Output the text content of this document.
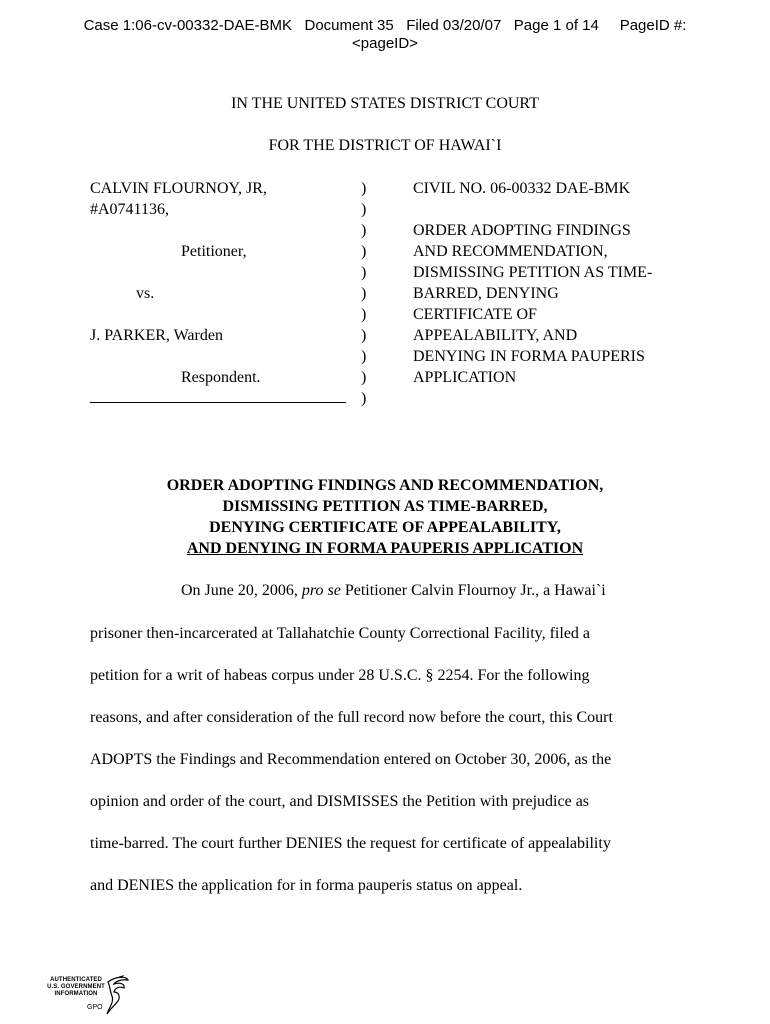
Case 1:06-cv-00332-DAE-BMK   Document 35   Filed 03/20/07   Page 1 of 14     PageID #:
<pageID>
IN THE UNITED STATES DISTRICT COURT
FOR THE DISTRICT OF HAWAI`I
CALVIN FLOURNOY, JR,
#A0741136,
Petitioner,
vs.
J. PARKER, Warden
Respondent.
)
)
)
)
)
)
)
)
)
)
)
CIVIL NO. 06-00332 DAE-BMK
ORDER ADOPTING FINDINGS
AND RECOMMENDATION,
DISMISSING PETITION AS TIME-
BARRED, DENYING
CERTIFICATE OF
APPEALABILITY, AND
DENYING IN FORMA PAUPERIS
APPLICATION
ORDER ADOPTING FINDINGS AND RECOMMENDATION,
DISMISSING PETITION AS TIME-BARRED,
DENYING CERTIFICATE OF APPEALABILITY,
AND DENYING IN FORMA PAUPERIS APPLICATION
On June 20, 2006, pro se Petitioner Calvin Flournoy Jr., a Hawai`i
prisoner then-incarcerated at Tallahatchie County Correctional Facility, filed a
petition for a writ of habeas corpus under 28 U.S.C. § 2254. For the following
reasons, and after consideration of the full record now before the court, this Court
ADOPTS the Findings and Recommendation entered on October 30, 2006, as the
opinion and order of the court, and DISMISSES the Petition with prejudice as
time-barred. The court further DENIES the request for certificate of appealability
and DENIES the application for in forma pauperis status on appeal.
AUTHENTICATED
U.S. GOVERNMENT
INFORMATION
GPO
